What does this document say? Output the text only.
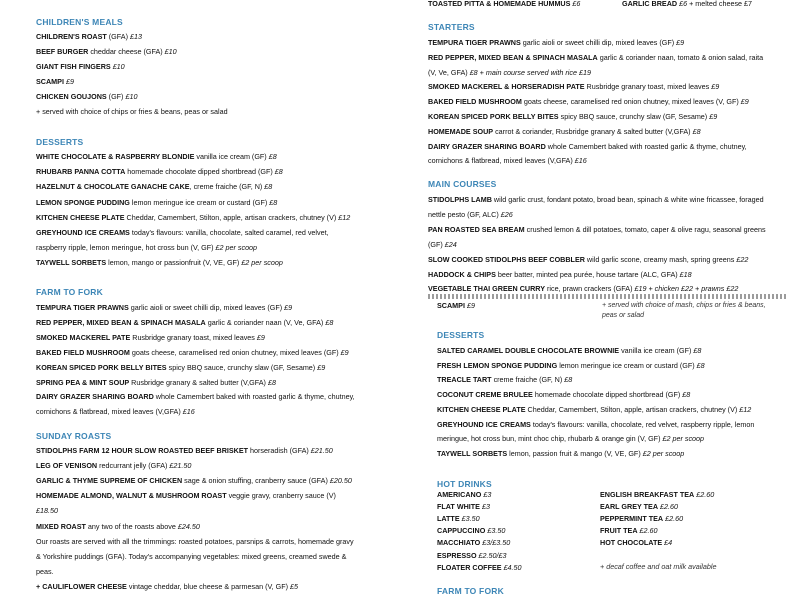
CHILDREN'S MEALS
CHILDREN'S ROAST (GFA) £13
BEEF BURGER cheddar cheese (GFA) £10
GIANT FISH FINGERS £10
SCAMPI £9
CHICKEN GOUJONS (GF) £10
+ served with choice of chips or fries & beans, peas or salad
DESSERTS
WHITE CHOCOLATE & RASPBERRY BLONDIE vanilla ice cream (GF) £8
RHUBARB PANNA COTTA homemade chocolate dipped shortbread (GF) £8
HAZELNUT & CHOCOLATE GANACHE CAKE, creme fraiche (GF, N) £8
LEMON SPONGE PUDDING lemon meringue ice cream or custard (GF) £8
KITCHEN CHEESE PLATE Cheddar, Camembert, Stilton, apple, artisan crackers, chutney (V) £12
GREYHOUND ICE CREAMS today's flavours: vanilla, chocolate, salted caramel, red velvet,
raspberry ripple, lemon meringue, hot cross bun (V, GF) £2 per scoop
TAYWELL SORBETS lemon, mango or passionfruit (V, VE, GF) £2 per scoop
FARM TO FORK
TEMPURA TIGER PRAWNS garlic aioli or sweet chilli dip, mixed leaves (GF) £9
RED PEPPER, MIXED BEAN & SPINACH MASALA garlic & coriander naan (V, Ve, GFA) £8
SMOKED MACKEREL PATE Rusbridge granary toast, mixed leaves £9
BAKED FIELD MUSHROOM goats cheese, caramelised red onion chutney, mixed leaves (GF) £9
KOREAN SPICED PORK BELLY BITES spicy BBQ sauce, crunchy slaw (GF, Sesame) £9
SPRING PEA & MINT SOUP Rusbridge granary & salted butter (V,GFA) £8
DAIRY GRAZER SHARING BOARD whole Camembert baked with roasted garlic & thyme, chutney,
cornichons & flatbread, mixed leaves (V,GFA) £16
SUNDAY ROASTS
STIDOLPHS FARM 12 HOUR SLOW ROASTED BEEF BRISKET horseradish (GFA) £21.50
LEG OF VENISON redcurrant jelly (GFA) £21.50
GARLIC & THYME SUPREME OF CHICKEN sage & onion stuffing, cranberry sauce (GFA) £20.50
HOMEMADE ALMOND, WALNUT & MUSHROOM ROAST veggie gravy, cranberry sauce (V)
£18.50
MIXED ROAST any two of the roasts above £24.50
Our roasts are served with all the trimmings: roasted potatoes, parsnips & carrots, homemade gravy
& Yorkshire puddings (GFA). Today's accompanying vegetables: mixed greens, creamed swede &
peas.
+ CAULIFLOWER CHEESE vintage cheddar, blue cheese & parmesan (V, GF) £5
TOASTED PITTA & HOMEMADE HUMMUS £6	GARLIC BREAD £6 + melted cheese £7
STARTERS
TEMPURA TIGER PRAWNS garlic aioli or sweet chilli dip, mixed leaves (GF) £9
RED PEPPER, MIXED BEAN & SPINACH MASALA garlic & coriander naan, tomato & onion salad, raita
(V, Ve, GFA) £8 + main course served with rice £19
SMOKED MACKEREL & HORSERADISH PATE Rusbridge granary toast, mixed leaves £9
BAKED FIELD MUSHROOM goats cheese, caramelised red onion chutney, mixed leaves (V, GF) £9
KOREAN SPICED PORK BELLY BITES spicy BBQ sauce, crunchy slaw (GF, Sesame) £9
HOMEMADE SOUP carrot & coriander, Rusbridge granary & salted butter (V,GFA) £8
DAIRY GRAZER SHARING BOARD whole Camembert baked with roasted garlic & thyme, chutney,
cornichons & flatbread, mixed leaves (V,GFA) £16
MAIN COURSES
STIDOLPHS LAMB wild garlic crust, fondant potato, broad bean, spinach & white wine fricassee, foraged
nettle pesto (GF, ALC) £26
PAN ROASTED SEA BREAM crushed lemon & dill potatoes, tomato, caper & olive ragu, seasonal greens
(GF) £24
SLOW COOKED STIDOLPHS BEEF COBBLER wild garlic scone, creamy mash, spring greens £22
HADDOCK & CHIPS beer batter, minted pea purée, house tartare (ALC, GFA) £18
VEGETABLE THAI GREEN CURRY rice, prawn crackers (GFA) £19 + chicken £22 + prawns £22
SCAMPI £9	+ served with choice of mash, chips or fries & beans, peas or salad
DESSERTS
SALTED CARAMEL DOUBLE CHOCOLATE BROWNIE vanilla ice cream (GF) £8
FRESH LEMON SPONGE PUDDING lemon meringue ice cream or custard (GF) £8
TREACLE TART creme fraiche (GF, N) £8
COCONUT CREME BRULEE homemade chocolate dipped shortbread (GF) £8
KITCHEN CHEESE PLATE Cheddar, Camembert, Stilton, apple, artisan crackers, chutney (V) £12
GREYHOUND ICE CREAMS today's flavours: vanilla, chocolate, red velvet, raspberry ripple, lemon
meringue, hot cross bun, mint choc chip, rhubarb & orange gin (V, GF) £2 per scoop
TAYWELL SORBETS lemon, passion fruit & mango (V, VE, GF) £2 per scoop
HOT DRINKS
AMERICANO £3
FLAT WHITE £3
LATTE £3.50
CAPPUCCINO £3.50
MACCHIATO £3/£3.50
ESPRESSO £2.50/£3
FLOATER COFFEE £4.50
ENGLISH BREAKFAST TEA £2.60
EARL GREY TEA £2.60
PEPPERMINT TEA £2.60
FRUIT TEA £2.60
HOT CHOCOLATE £4
+ decaf coffee and oat milk available
FARM TO FORK
